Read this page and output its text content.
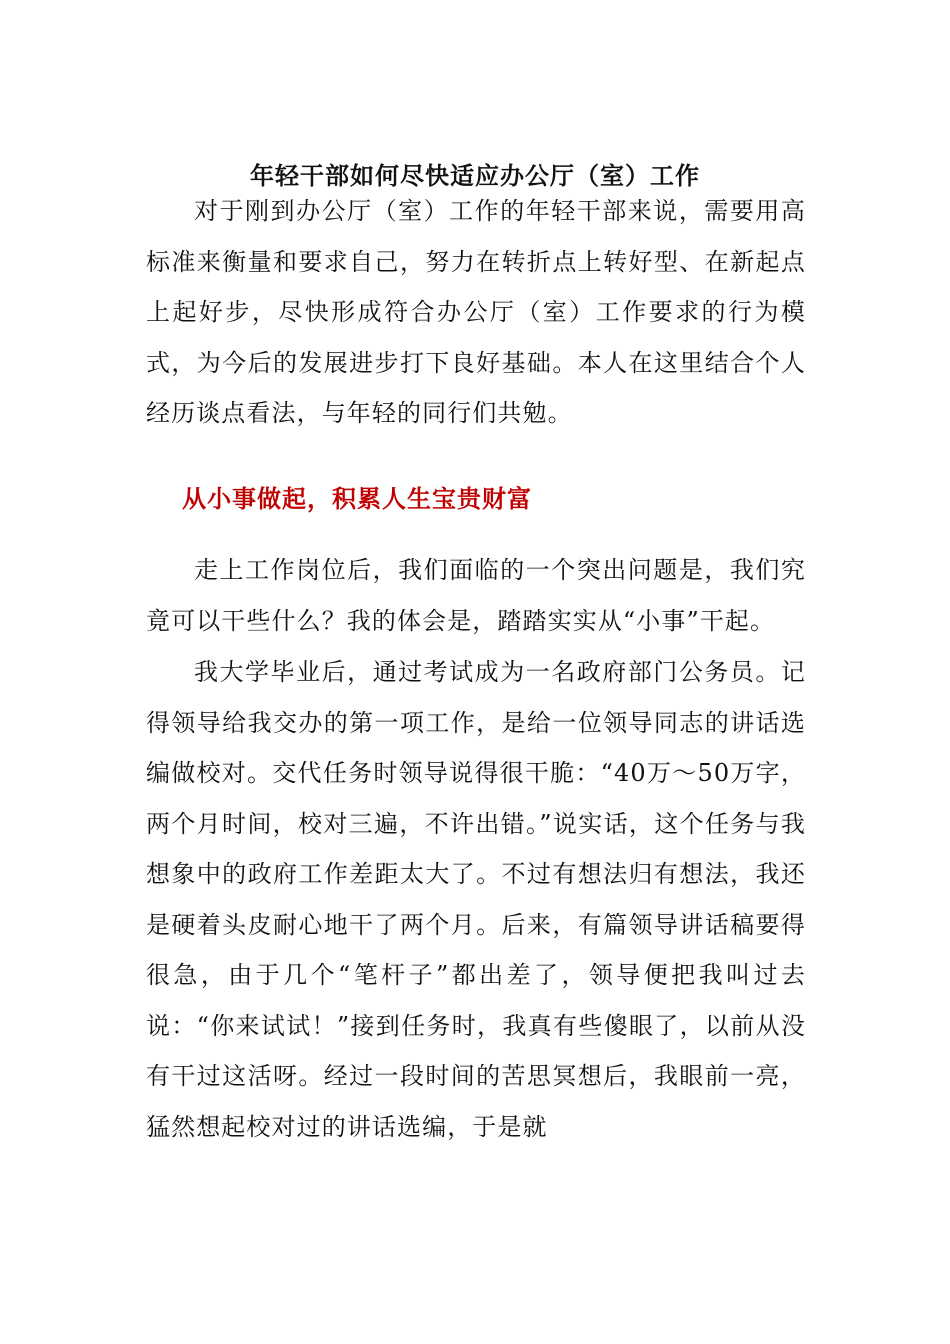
年轻干部如何尽快适应办公厅（室）工作

对于刚到办公厅（室）工作的年轻干部来说，需要用高标准来衡量和要求自己，努力在转折点上转好型、在新起点上起好步，尽快形成符合办公厅（室）工作要求的行为模式，为今后的发展进步打下良好基础。本人在这里结合个人经历谈点看法，与年轻的同行们共勉。

从小事做起，积累人生宝贵财富

走上工作岗位后，我们面临的一个突出问题是，我们究竟可以干些什么？我的体会是，踏踏实实从“小事”干起。

我大学毕业后，通过考试成为一名政府部门公务员。记得领导给我交办的第一项工作，是给一位领导同志的讲话选编做校对。交代任务时领导说得很干脆：“40万～50万字，两个月时间，校对三遍，不许出错。”说实话，这个任务与我想象中的政府工作差距太大了。不过有想法归有想法，我还是硬着头皮耐心地干了两个月。后来，有篇领导讲话稿要得很急，由于几个“笔杆子”都出差了，领导便把我叫过去说：“你来试试！”接到任务时，我真有些傻眼了，以前从没有干过这活呀。经过一段时间的苦思冥想后，我眼前一亮，猛然想起校对过的讲话选编，于是就
